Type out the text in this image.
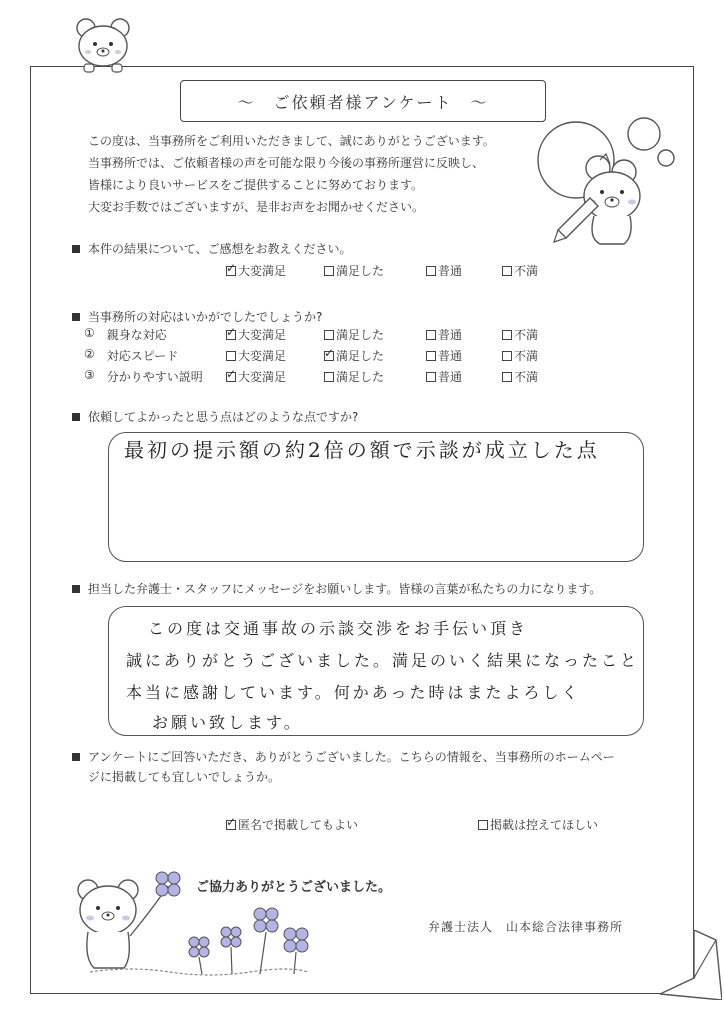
～　ご依頼者様アンケート　～
この度は、当事務所をご利用いただきまして、誠にありがとうございます。
当事務所では、ご依頼者様の声を可能な限り今後の事務所運営に反映し、
皆様により良いサービスをご提供することに努めております。
大変お手数ではございますが、是非お声をお聞かせください。
本件の結果について、ご感想をお教えください。
✓
大変満足	満足した	普通	不満
当事務所の対応はいかがでしたでしょうか?
① 親身な対応 ✓	大変満足	満足した	普通	不満
② 対応スピード	大変満足 ✓	満足した	普通	不満
③ 分かりやすい説明 ✓	大変満足	満足した	普通	不満
依頼してよかったと思う点はどのような点ですか?
最初の提示額の約2倍の額で示談が成立した点
担当した弁護士・スタッフにメッセージをお願いします。皆様の言葉が私たちの力になります。
この度は交通事故の示談交渉をお手伝い頂き
誠にありがとうございました。満足のいく結果になったこと
本当に感謝しています。何かあった時はまたよろしく
お願い致します。
アンケートにご回答いただき、ありがとうございました。こちらの情報を、当事務所のホームペー
ジに掲載しても宜しいでしょうか。
✓
匿名で掲載してもよい	掲載は控えてほしい
ご協力ありがとうございました。
弁護士法人　山本総合法律事務所
